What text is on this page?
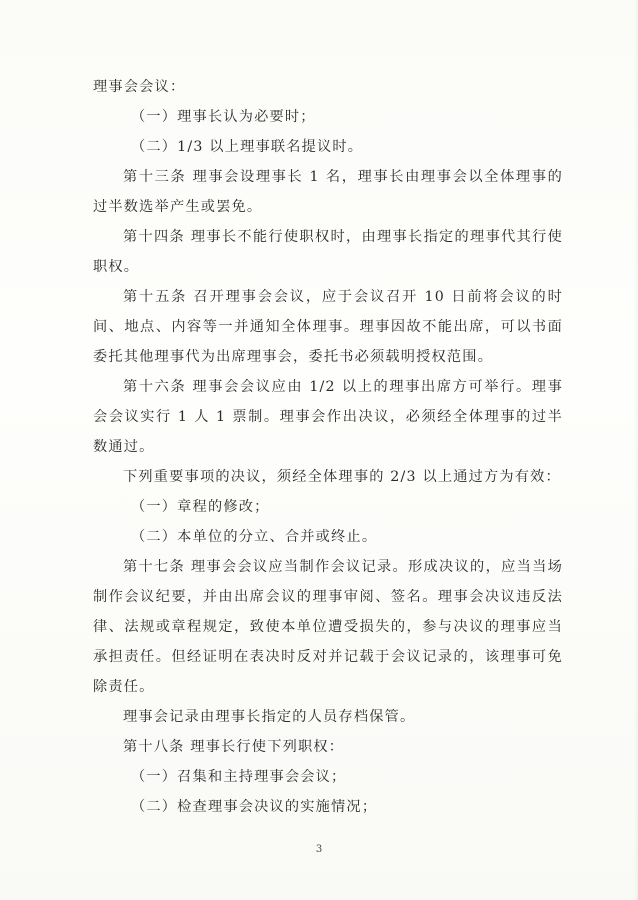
理事会会议：

（一）理事长认为必要时；

（二）1/3 以上理事联名提议时。

第十三条 理事会设理事长 1 名，理事长由理事会以全体理事的过半数选举产生或罢免。

第十四条 理事长不能行使职权时，由理事长指定的理事代其行使职权。

第十五条 召开理事会会议，应于会议召开 10 日前将会议的时间、地点、内容等一并通知全体理事。理事因故不能出席，可以书面委托其他理事代为出席理事会，委托书必须载明授权范围。

第十六条 理事会会议应由 1/2 以上的理事出席方可举行。理事会会议实行 1 人 1 票制。理事会作出决议，必须经全体理事的过半数通过。

下列重要事项的决议，须经全体理事的 2/3 以上通过方为有效：

（一）章程的修改；

（二）本单位的分立、合并或终止。

第十七条 理事会会议应当制作会议记录。形成决议的，应当当场制作会议纪要，并由出席会议的理事审阅、签名。理事会决议违反法律、法规或章程规定，致使本单位遭受损失的，参与决议的理事应当承担责任。但经证明在表决时反对并记载于会议记录的，该理事可免除责任。

理事会记录由理事长指定的人员存档保管。

第十八条 理事长行使下列职权：

（一）召集和主持理事会会议；

（二）检查理事会决议的实施情况；

3
